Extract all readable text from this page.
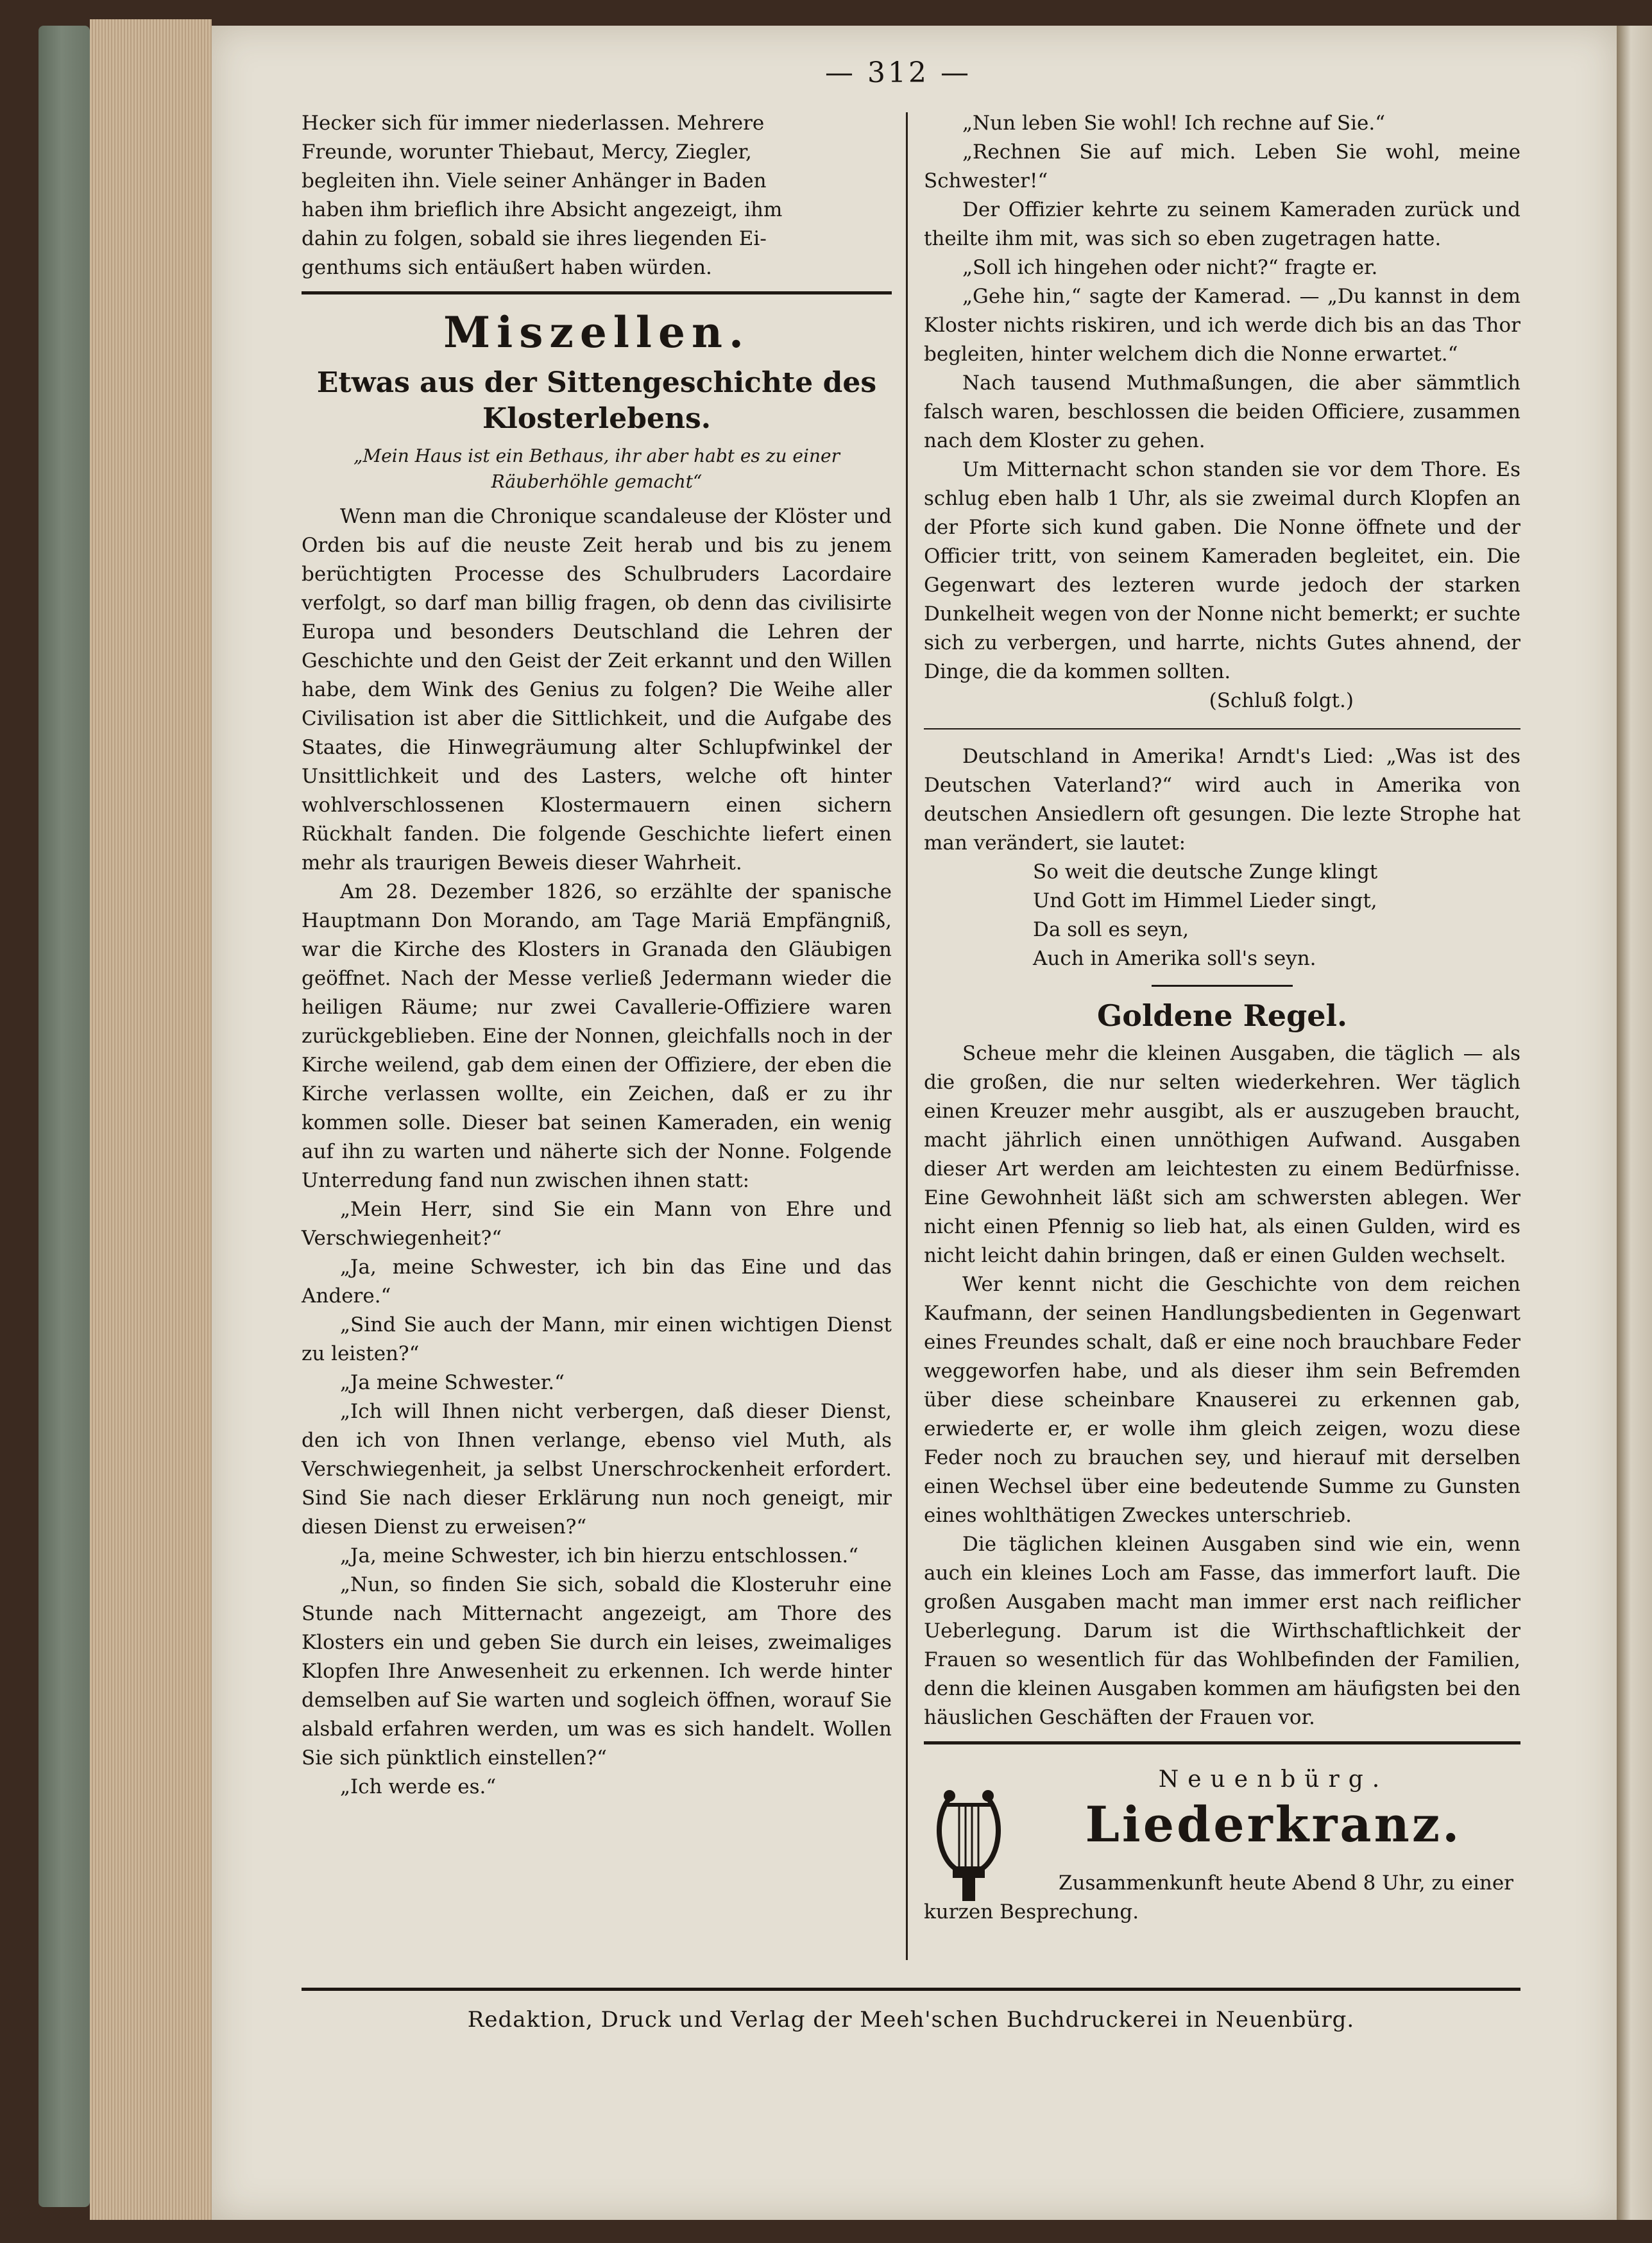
— 312 —

Hecker sich für immer niederlassen. Mehrere

Freunde, worunter Thiebaut, Mercy, Ziegler,

begleiten ihn. Viele seiner Anhänger in Baden

haben ihm brieflich ihre Absicht angezeigt, ihm

dahin zu folgen, sobald sie ihres liegenden Ei-

genthums sich entäußert haben würden.

Miszellen.
Etwas aus der Sittengeschichte des Klosterlebens.
„Mein Haus ist ein Bethaus, ihr aber habt es zu einer Räuberhöhle gemacht“

Wenn man die Chronique scandaleuse der Klöster und Orden bis auf die neuste Zeit herab und bis zu jenem berüchtigten Processe des Schulbruders Lacordaire verfolgt, so darf man billig fragen, ob denn das civilisirte Europa und besonders Deutschland die Lehren der Geschichte und den Geist der Zeit erkannt und den Willen habe, dem Wink des Genius zu folgen? Die Weihe aller Civilisation ist aber die Sittlichkeit, und die Aufgabe des Staates, die Hinwegräumung alter Schlupfwinkel der Unsittlichkeit und des Lasters, welche oft hinter wohlverschlossenen Klostermauern einen sichern Rückhalt fanden. Die folgende Geschichte liefert einen mehr als traurigen Beweis dieser Wahrheit.

Am 28. Dezember 1826, so erzählte der spanische Hauptmann Don Morando, am Tage Mariä Empfängniß, war die Kirche des Klosters in Granada den Gläubigen geöffnet. Nach der Messe verließ Jedermann wieder die heiligen Räume; nur zwei Cavallerie-Offiziere waren zurückgeblieben. Eine der Nonnen, gleichfalls noch in der Kirche weilend, gab dem einen der Offiziere, der eben die Kirche verlassen wollte, ein Zeichen, daß er zu ihr kommen solle. Dieser bat seinen Kameraden, ein wenig auf ihn zu warten und näherte sich der Nonne. Folgende Unterredung fand nun zwischen ihnen statt:

„Mein Herr, sind Sie ein Mann von Ehre und Verschwiegenheit?“

„Ja, meine Schwester, ich bin das Eine und das Andere.“

„Sind Sie auch der Mann, mir einen wichtigen Dienst zu leisten?“

„Ja meine Schwester.“

„Ich will Ihnen nicht verbergen, daß dieser Dienst, den ich von Ihnen verlange, ebenso viel Muth, als Verschwiegenheit, ja selbst Unerschrockenheit erfordert. Sind Sie nach dieser Erklärung nun noch geneigt, mir diesen Dienst zu erweisen?“

„Ja, meine Schwester, ich bin hierzu entschlossen.“

„Nun, so finden Sie sich, sobald die Klosteruhr eine Stunde nach Mitternacht angezeigt, am Thore des Klosters ein und geben Sie durch ein leises, zweimaliges Klopfen Ihre Anwesenheit zu erkennen. Ich werde hinter demselben auf Sie warten und sogleich öffnen, worauf Sie alsbald erfahren werden, um was es sich handelt. Wollen Sie sich pünktlich einstellen?“

„Ich werde es.“

„Nun leben Sie wohl! Ich rechne auf Sie.“

„Rechnen Sie auf mich. Leben Sie wohl, meine Schwester!“

Der Offizier kehrte zu seinem Kameraden zurück und theilte ihm mit, was sich so eben zugetragen hatte.

„Soll ich hingehen oder nicht?“ fragte er.

„Gehe hin,“ sagte der Kamerad. — „Du kannst in dem Kloster nichts riskiren, und ich werde dich bis an das Thor begleiten, hinter welchem dich die Nonne erwartet.“

Nach tausend Muthmaßungen, die aber sämmtlich falsch waren, beschlossen die beiden Officiere, zusammen nach dem Kloster zu gehen.

Um Mitternacht schon standen sie vor dem Thore. Es schlug eben halb 1 Uhr, als sie zweimal durch Klopfen an der Pforte sich kund gaben. Die Nonne öffnete und der Officier tritt, von seinem Kameraden begleitet, ein. Die Gegenwart des lezteren wurde jedoch der starken Dunkelheit wegen von der Nonne nicht bemerkt; er suchte sich zu verbergen, und harrte, nichts Gutes ahnend, der Dinge, die da kommen sollten.

(Schluß folgt.)

Deutschland in Amerika! Arndt's Lied: „Was ist des Deutschen Vaterland?“ wird auch in Amerika von deutschen Ansiedlern oft gesungen. Die lezte Strophe hat man verändert, sie lautet:

So weit die deutsche Zunge klingt

Und Gott im Himmel Lieder singt,

Da soll es seyn,

Auch in Amerika soll's seyn.

Goldene Regel.

Scheue mehr die kleinen Ausgaben, die täglich — als die großen, die nur selten wiederkehren. Wer täglich einen Kreuzer mehr ausgibt, als er auszugeben braucht, macht jährlich einen unnöthigen Aufwand. Ausgaben dieser Art werden am leichtesten zu einem Bedürfnisse. Eine Gewohnheit läßt sich am schwersten ablegen. Wer nicht einen Pfennig so lieb hat, als einen Gulden, wird es nicht leicht dahin bringen, daß er einen Gulden wechselt.

Wer kennt nicht die Geschichte von dem reichen Kaufmann, der seinen Handlungsbedienten in Gegenwart eines Freundes schalt, daß er eine noch brauchbare Feder weggeworfen habe, und als dieser ihm sein Befremden über diese scheinbare Knauserei zu erkennen gab, erwiederte er, er wolle ihm gleich zeigen, wozu diese Feder noch zu brauchen sey, und hierauf mit derselben einen Wechsel über eine bedeutende Summe zu Gunsten eines wohlthätigen Zweckes unterschrieb.

Die täglichen kleinen Ausgaben sind wie ein, wenn auch ein kleines Loch am Fasse, das immerfort lauft. Die großen Ausgaben macht man immer erst nach reiflicher Ueberlegung. Darum ist die Wirthschaftlichkeit der Frauen so wesentlich für das Wohlbefinden der Familien, denn die kleinen Ausgaben kommen am häufigsten bei den häuslichen Geschäften der Frauen vor.

Neuenbürg.
Liederkranz.

Zusammenkunft heute Abend 8 Uhr, zu einer kurzen Besprechung.

Redaktion, Druck und Verlag der Meeh'schen Buchdruckerei in Neuenbürg.
